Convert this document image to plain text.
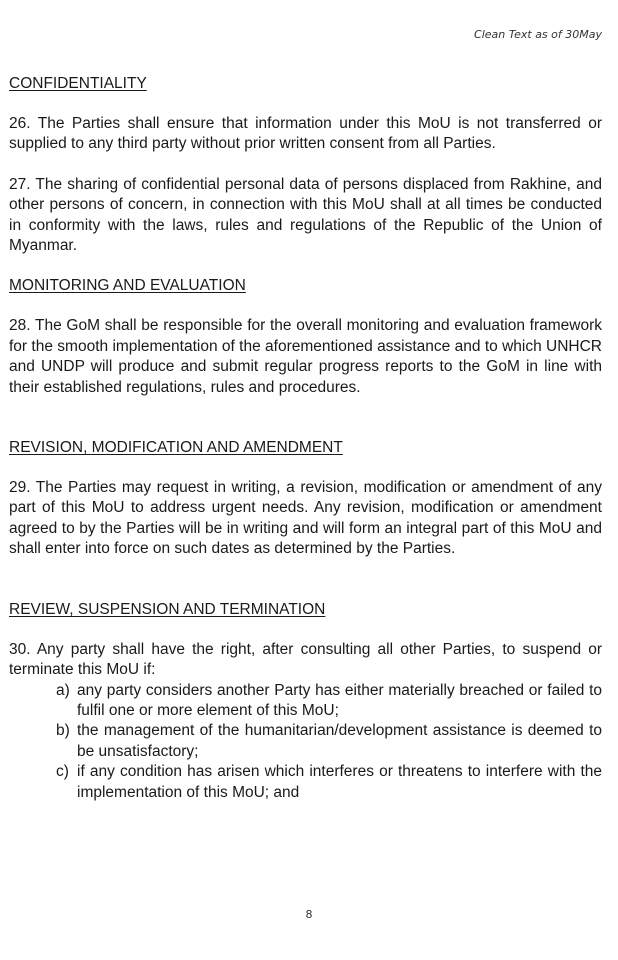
Clean Text as of 30May
CONFIDENTIALITY

26. The Parties shall ensure that information under this MoU is not transferred or supplied to any third party without prior written consent from all Parties.

27. The sharing of confidential personal data of persons displaced from Rakhine, and other persons of concern, in connection with this MoU shall at all times be conducted in conformity with the laws, rules and regulations of the Republic of the Union of Myanmar.

MONITORING AND EVALUATION

28. The GoM shall be responsible for the overall monitoring and evaluation framework for the smooth implementation of the aforementioned assistance and to which UNHCR and UNDP will produce and submit regular progress reports to the GoM in line with their established regulations, rules and procedures.

REVISION, MODIFICATION AND AMENDMENT

29. The Parties may request in writing, a revision, modification or amendment of any part of this MoU to address urgent needs. Any revision, modification or amendment agreed to by the Parties will be in writing and will form an integral part of this MoU and shall enter into force on such dates as determined by the Parties.

REVIEW, SUSPENSION AND TERMINATION

30. Any party shall have the right, after consulting all other Parties, to suspend or terminate this MoU if:

a) any party considers another Party has either materially breached or failed to fulfil one or more element of this MoU;
b) the management of the humanitarian/development assistance is deemed to be unsatisfactory;
c) if any condition has arisen which interferes or threatens to interfere with the implementation of this MoU; and
8
